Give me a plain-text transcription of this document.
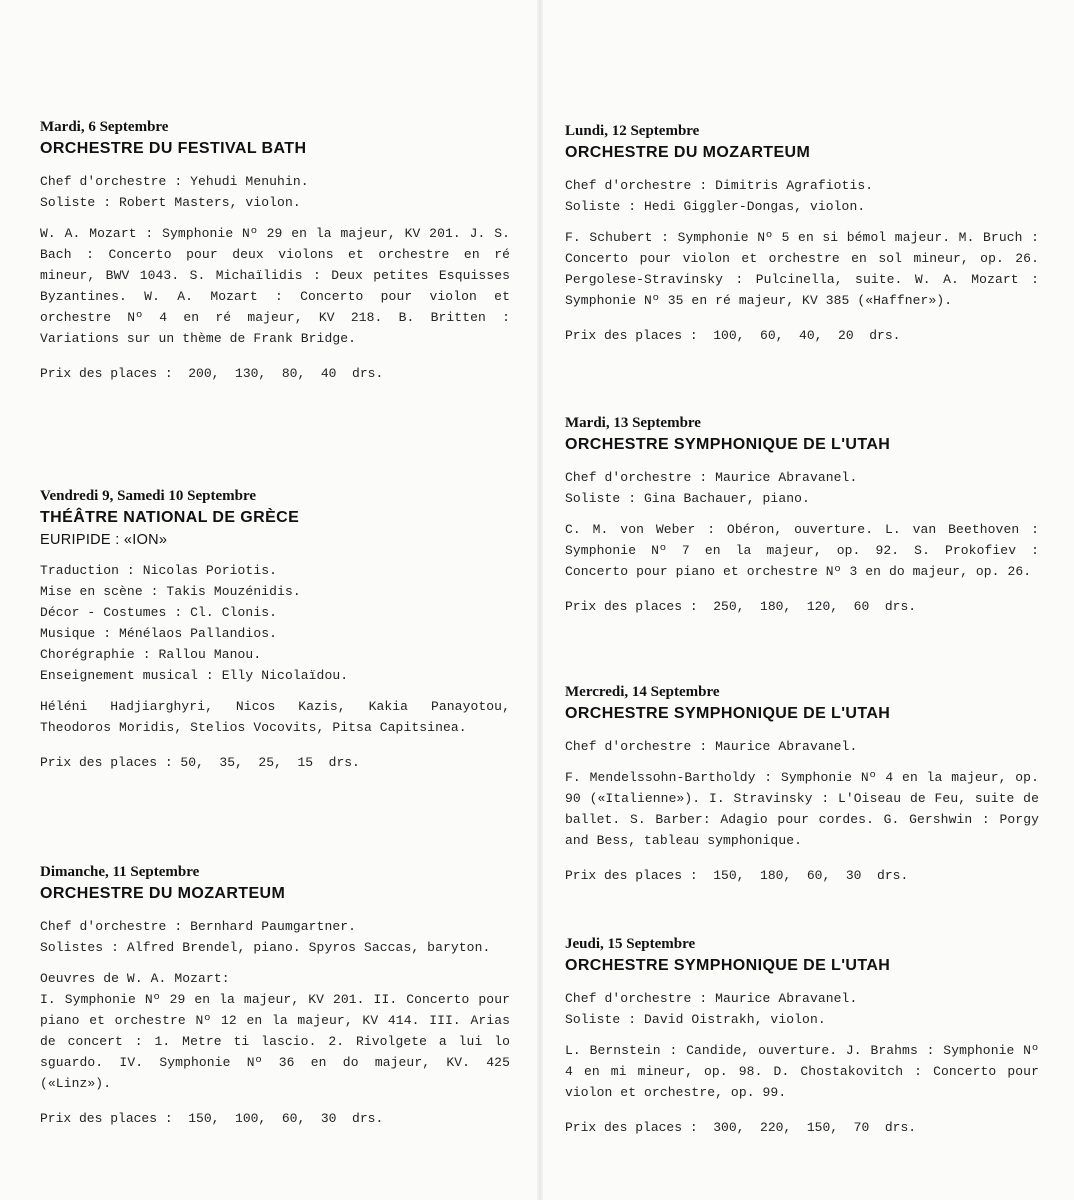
Mardi, 6 Septembre
ORCHESTRE DU FESTIVAL BATH

Chef d'orchestre : Yehudi Menuhin.

Soliste : Robert Masters, violon.

W. A. Mozart : Symphonie Nº 29 en la majeur, KV 201. J. S. Bach : Concerto pour deux violons et orchestre en ré mineur, BWV 1043. S. Michaïlidis : Deux petites Esquisses Byzantines. W. A. Mozart : Concerto pour violon et orchestre Nº 4 en ré majeur, KV 218. B. Britten : Variations sur un thème de Frank Bridge.
Prix des places :  200,  130,  80,  40  drs.
Vendredi 9, Samedi 10 Septembre
THÉÂTRE NATIONAL DE GRÈCE
EURIPIDE : «ION»

Traduction : Nicolas Poriotis.

Mise en scène : Takis Mouzénidis.

Décor - Costumes : Cl. Clonis.

Musique : Ménélaos Pallandios.

Chorégraphie : Rallou Manou.

Enseignement musical : Elly Nicolaïdou.

Héléni Hadjiarghyri, Nicos Kazis, Kakia Panayotou, Theodoros Moridis, Stelios Vocovits, Pitsa Capitsinea.
Prix des places : 50,  35,  25,  15  drs.
Dimanche, 11 Septembre
ORCHESTRE DU MOZARTEUM

Chef d'orchestre : Bernhard Paumgartner.

Solistes : Alfred Brendel, piano. Spyros Saccas, baryton.

Oeuvres de W. A. Mozart:
I. Symphonie Nº 29 en la majeur, KV 201. II. Concerto pour piano et orchestre Nº 12 en la majeur, KV 414. III. Arias de concert : 1. Metre ti lascio. 2. Rivolgete a lui lo sguardo. IV. Symphonie Nº 36 en do majeur, KV. 425 («Linz»).
Prix des places :  150,  100,  60,  30  drs.
Lundi, 12 Septembre
ORCHESTRE DU MOZARTEUM

Chef d'orchestre : Dimitris Agrafiotis.

Soliste : Hedi Giggler-Dongas, violon.

F. Schubert : Symphonie Nº 5 en si bémol majeur. M. Bruch : Concerto pour violon et orchestre en sol mineur, op. 26. Pergolese-Stravinsky : Pulcinella, suite. W. A. Mozart : Symphonie Nº 35 en ré majeur, KV 385 («Haffner»).
Prix des places :  100,  60,  40,  20  drs.
Mardi, 13 Septembre
ORCHESTRE SYMPHONIQUE DE L'UTAH

Chef d'orchestre : Maurice Abravanel.

Soliste : Gina Bachauer, piano.

C. M. von Weber : Obéron, ouverture. L. van Beethoven : Symphonie Nº 7 en la majeur, op. 92. S. Prokofiev : Concerto pour piano et orchestre Nº 3 en do majeur, op. 26.
Prix des places :  250,  180,  120,  60  drs.
Mercredi, 14 Septembre
ORCHESTRE SYMPHONIQUE DE L'UTAH

Chef d'orchestre : Maurice Abravanel.

F. Mendelssohn-Bartholdy : Symphonie Nº 4 en la majeur, op. 90 («Italienne»). I. Stravinsky : L'Oiseau de Feu, suite de ballet. S. Barber: Adagio pour cordes. G. Gershwin : Porgy and Bess, tableau symphonique.
Prix des places :  150,  180,  60,  30  drs.
Jeudi, 15 Septembre
ORCHESTRE SYMPHONIQUE DE L'UTAH

Chef d'orchestre : Maurice Abravanel.

Soliste : David Oistrakh, violon.

L. Bernstein : Candide, ouverture. J. Brahms : Symphonie Nº 4 en mi mineur, op. 98. D. Chostakovitch : Concerto pour violon et orchestre, op. 99.
Prix des places :  300,  220,  150,  70  drs.
